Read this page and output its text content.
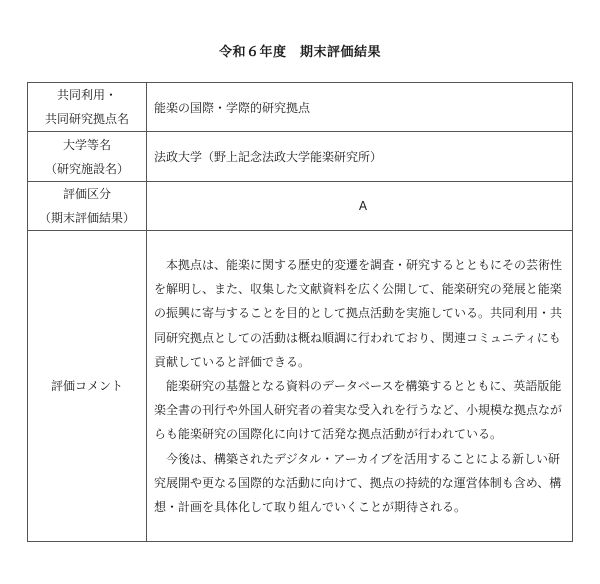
令和６年度　期末評価結果
共同利用・
共同研究拠点名	能楽の国際・学際的研究拠点

大学等名
（研究施設名）	法政大学（野上記念法政大学能楽研究所）

評価区分
（期末評価結果）	A
評価コメント	本拠点は、能楽に関する歴史的変遷を調査・研究するとともにその芸術性を解明し、また、収集した文献資料を広く公開して、能楽研究の発展と能楽の振興に寄与することを目的として拠点活動を実施している。共同利用・共同研究拠点としての活動は概ね順調に行われており、関連コミュニティにも貢献していると評価できる。

能楽研究の基盤となる資料のデータベースを構築するとともに、英語版能楽全書の刊行や外国人研究者の着実な受入れを行うなど、小規模な拠点ながらも能楽研究の国際化に向けて活発な拠点活動が行われている。

今後は、構築されたデジタル・アーカイブを活用することによる新しい研究展開や更なる国際的な活動に向けて、拠点の持続的な運営体制も含め、構想・計画を具体化して取り組んでいくことが期待される。
